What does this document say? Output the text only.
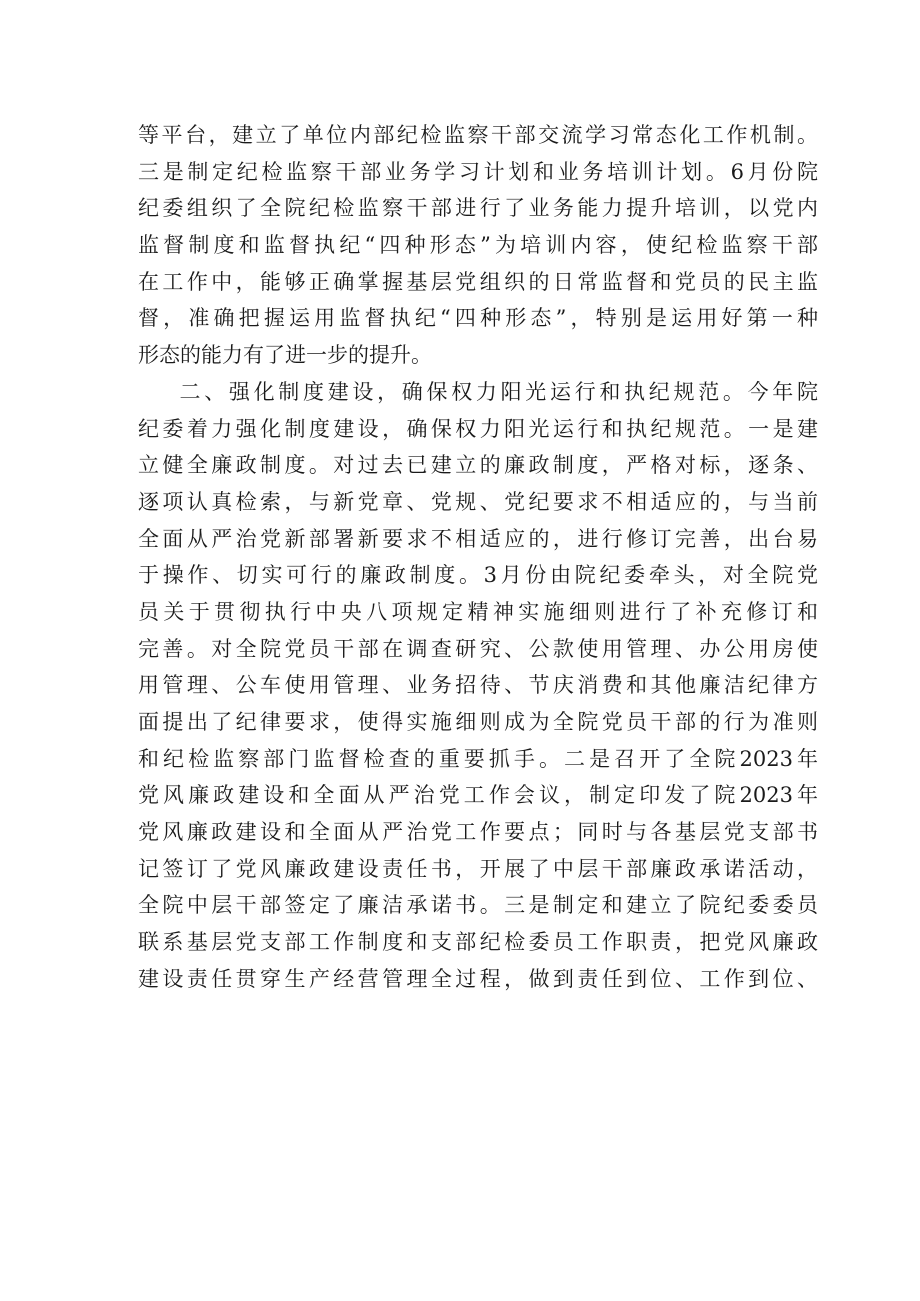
等平台，建立了单位内部纪检监察干部交流学习常态化工作机制。
三是制定纪检监察干部业务学习计划和业务培训计划。6月份院
纪委组织了全院纪检监察干部进行了业务能力提升培训，以党内
监督制度和监督执纪“四种形态”为培训内容，使纪检监察干部
在工作中，能够正确掌握基层党组织的日常监督和党员的民主监
督，准确把握运用监督执纪“四种形态”，特别是运用好第一种
形态的能力有了进一步的提升。
二、强化制度建设，确保权力阳光运行和执纪规范。今年院
纪委着力强化制度建设，确保权力阳光运行和执纪规范。一是建
立健全廉政制度。对过去已建立的廉政制度，严格对标，逐条、
逐项认真检索，与新党章、党规、党纪要求不相适应的，与当前
全面从严治党新部署新要求不相适应的，进行修订完善，出台易
于操作、切实可行的廉政制度。3月份由院纪委牵头，对全院党
员关于贯彻执行中央八项规定精神实施细则进行了补充修订和
完善。对全院党员干部在调查研究、公款使用管理、办公用房使
用管理、公车使用管理、业务招待、节庆消费和其他廉洁纪律方
面提出了纪律要求，使得实施细则成为全院党员干部的行为准则
和纪检监察部门监督检查的重要抓手。二是召开了全院2023年
党风廉政建设和全面从严治党工作会议，制定印发了院2023年
党风廉政建设和全面从严治党工作要点；同时与各基层党支部书
记签订了党风廉政建设责任书，开展了中层干部廉政承诺活动，
全院中层干部签定了廉洁承诺书。三是制定和建立了院纪委委员
联系基层党支部工作制度和支部纪检委员工作职责，把党风廉政
建设责任贯穿生产经营管理全过程，做到责任到位、工作到位、
